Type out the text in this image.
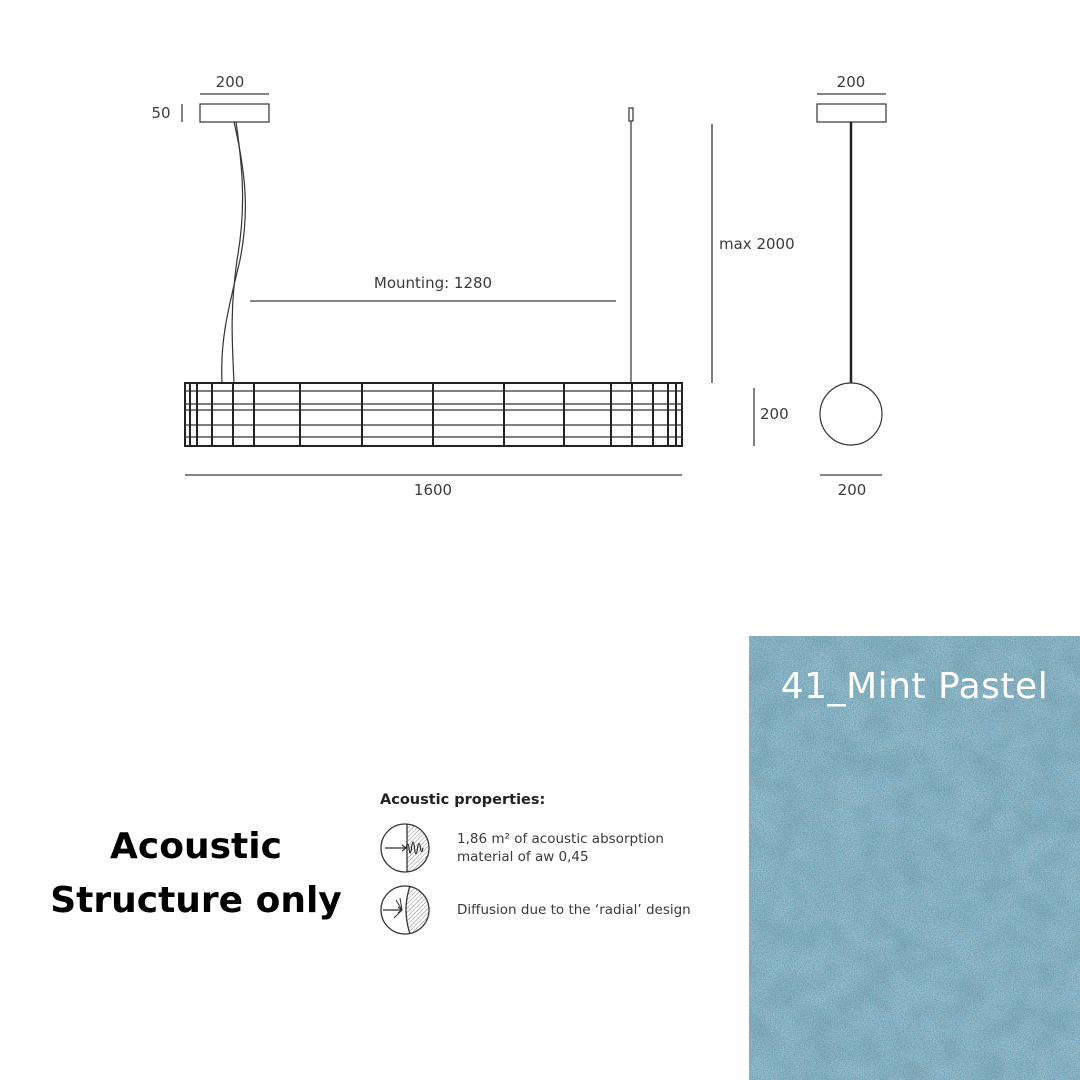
200
50
Mounting: 1280
max 2000
200
1600
200
200
Acoustic
Structure only
Acoustic properties:
1,86 m² of acoustic absorption
material of aw 0,45
Diffusion due to the ‘radial’ design
41_Mint Pastel
